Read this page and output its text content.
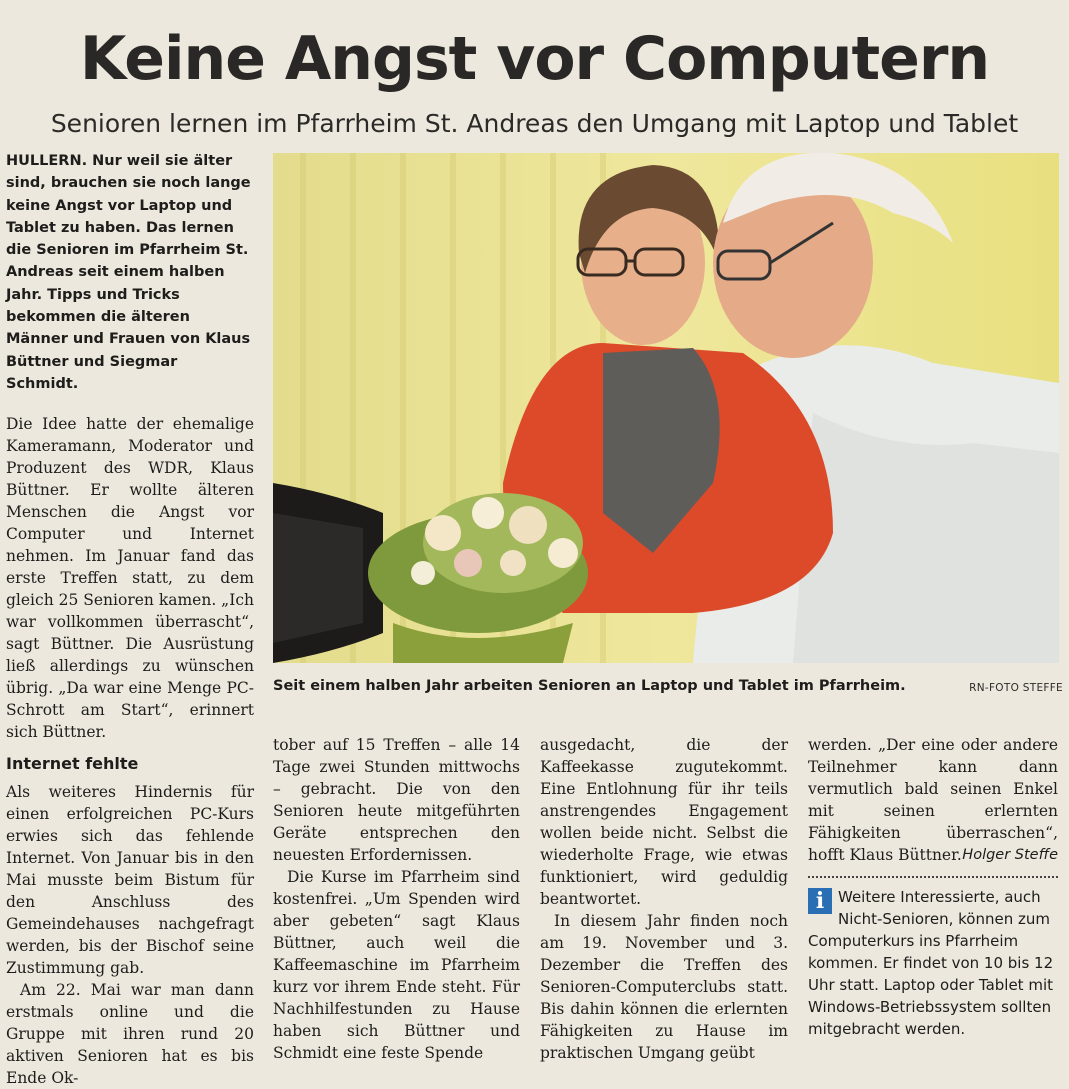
Keine Angst vor Computern
Senioren lernen im Pfarrheim St. Andreas den Umgang mit Laptop und Tablet

HULLERN. Nur weil sie älter sind, brauchen sie noch lange keine Angst vor Laptop und Tablet zu haben. Das lernen die Senioren im Pfarrheim St. Andreas seit einem halben Jahr. Tipps und Tricks bekommen die älteren Männer und Frauen von Klaus Büttner und Siegmar Schmidt.

Die Idee hatte der ehemalige Kameramann, Moderator und Produzent des WDR, Klaus Büttner. Er wollte älteren Menschen die Angst vor Computer und Internet nehmen. Im Januar fand das erste Treffen statt, zu dem gleich 25 Senioren kamen. „Ich war vollkommen überrascht“, sagt Büttner. Die Ausrüstung ließ allerdings zu wünschen übrig. „Da war eine Menge PC-Schrott am Start“, erinnert sich Büttner.

Internet fehlte

Als weiteres Hindernis für einen erfolgreichen PC-Kurs erwies sich das fehlende Internet. Von Januar bis in den Mai musste beim Bistum für den Anschluss des Gemeindehauses nachgefragt werden, bis der Bischof seine Zustimmung gab.

Am 22. Mai war man dann erstmals online und die Gruppe mit ihren rund 20 aktiven Senioren hat es bis Ende Ok-

Seit einem halben Jahr arbeiten Senioren an Laptop und Tablet im Pfarrheim.	RN-FOTO STEFFE

tober auf 15 Treffen – alle 14 Tage zwei Stunden mittwochs – gebracht. Die von den Senioren heute mitgeführten Geräte entsprechen den neuesten Erfordernissen.

Die Kurse im Pfarrheim sind kostenfrei. „Um Spenden wird aber gebeten“ sagt Klaus Büttner, auch weil die Kaffeemaschine im Pfarrheim kurz vor ihrem Ende steht. Für Nachhilfestunden zu Hause haben sich Büttner und Schmidt eine feste Spende

ausgedacht, die der Kaffeekasse zugutekommt. Eine Entlohnung für ihr teils anstrengendes Engagement wollen beide nicht. Selbst die wiederholte Frage, wie etwas funktioniert, wird geduldig beantwortet.

In diesem Jahr finden noch am 19. November und 3. Dezember die Treffen des Senioren-Computerclubs statt. Bis dahin können die erlernten Fähigkeiten zu Hause im praktischen Umgang geübt

werden. „Der eine oder andere Teilnehmer kann dann vermutlich bald seinen Enkel mit seinen erlernten Fähigkeiten überraschen“, hofft Klaus Büttner. Holger Steffe

i Weitere Interessierte, auch Nicht-Senioren, können zum Computerkurs ins Pfarrheim kommen. Er findet von 10 bis 12 Uhr statt. Laptop oder Tablet mit Windows-Betriebssystem sollten mitgebracht werden.
